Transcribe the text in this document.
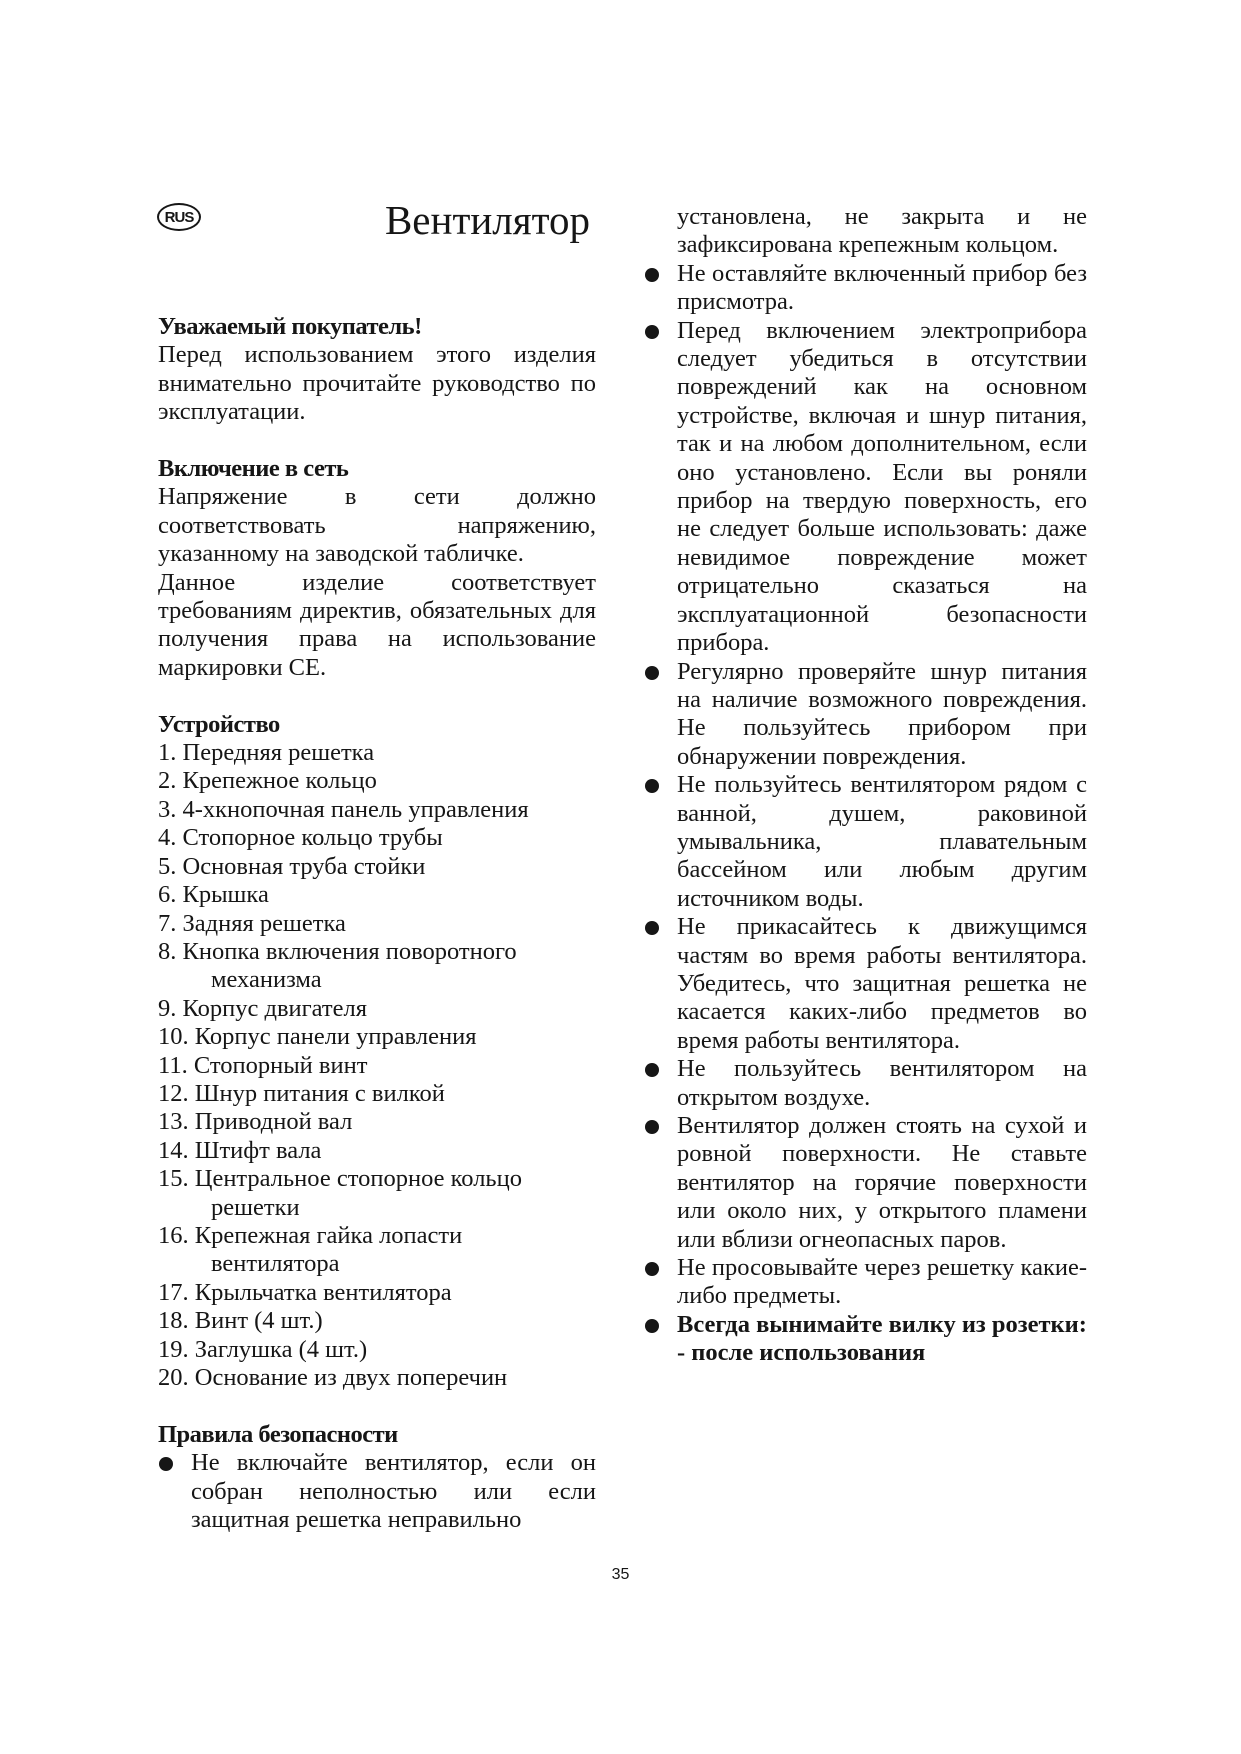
RUS	Вентилятор
Уважаемый покупатель!
Перед использованием этого изделия внимательно прочитайте руководство по эксплуатации.
Включение в сеть
Напряжение в сети должно соответствовать напряжению, указанному на заводской табличке.
Данное изделие соответствует требованиям директив, обязательных для получения права на использование маркировки CE.
Устройство
1. Передняя решетка
2. Крепежное кольцо
3. 4-хкнопочная панель управления
4. Стопорное кольцо трубы
5. Основная труба стойки
6. Крышка
7. Задняя решетка
8. Кнопка включения поворотного механизма
9. Корпус двигателя
10. Корпус панели управления
11. Стопорный винт
12. Шнур питания с вилкой
13. Приводной вал
14. Штифт вала
15. Центральное стопорное кольцо решетки
16. Крепежная гайка лопасти вентилятора
17. Крыльчатка вентилятора
18. Винт (4 шт.)
19. Заглушка (4 шт.)
20. Основание из двух поперечин
Правила безопасности
Не включайте вентилятор, если он собран неполностью или если защитная решетка неправильно
установлена, не закрыта и не зафиксирована крепежным кольцом.
Не оставляйте включенный прибор без присмотра.
Перед включением электроприбора следует убедиться в отсутствии повреждений как на основном устройстве, включая и шнур питания, так и на любом дополнительном, если оно установлено. Если вы роняли прибор на твердую поверхность, его не следует больше использовать: даже невидимое повреждение может отрицательно сказаться на эксплуатационной безопасности прибора.
Регулярно проверяйте шнур питания на наличие возможного повреждения. Не пользуйтесь прибором при обнаружении повреждения.
Не пользуйтесь вентилятором рядом с ванной, душем, раковиной умывальника, плавательным бассейном или любым другим источником воды.
Не прикасайтесь к движущимся частям во время работы вентилятора. Убедитесь, что защитная решетка не касается каких-либо предметов во время работы вентилятора.
Не пользуйтесь вентилятором на открытом воздухе.
Вентилятор должен стоять на сухой и ровной поверхности. Не ставьте вентилятор на горячие поверхности или около них, у открытого пламени или вблизи огнеопасных паров.
Не просовывайте через решетку какие-либо предметы.
Всегда вынимайте вилку из розетки:
- после использования
35
